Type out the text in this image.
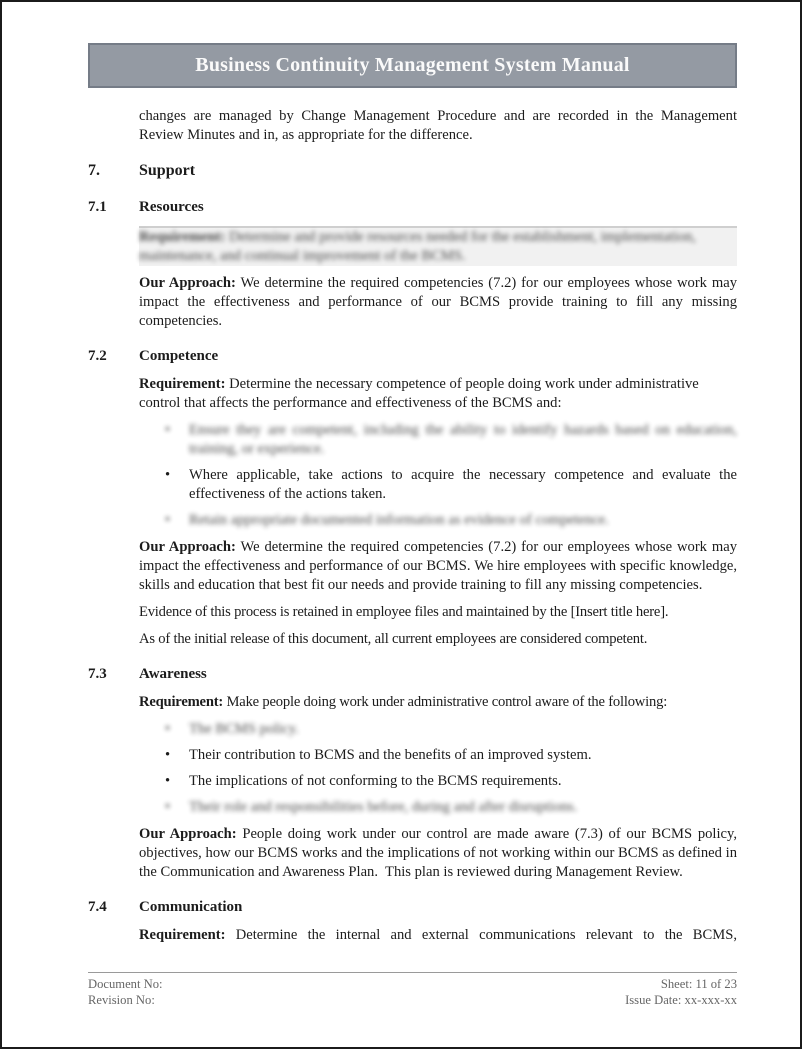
Business Continuity Management System Manual

changes are managed by Change Management Procedure and are recorded in the Management Review Minutes and in, as appropriate for the difference.

7.	Support
7.1	Resources

Requirement: Determine and provide resources needed for the establishment, implementation, maintenance, and continual improvement of the BCMS.

Our Approach: We determine the required competencies (7.2) for our employees whose work may impact the effectiveness and performance of our BCMS provide training to fill any missing competencies.

7.2	Competence

Requirement: Determine the necessary competence of people doing work under administrative control that affects the performance and effectiveness of the BCMS and:

• Ensure they are competent, including the ability to identify hazards based on education, training, or experience.
• Where applicable, take actions to acquire the necessary competence and evaluate the effectiveness of the actions taken.
• Retain appropriate documented information as evidence of competence.

Our Approach: We determine the required competencies (7.2) for our employees whose work may impact the effectiveness and performance of our BCMS. We hire employees with specific knowledge, skills and education that best fit our needs and provide training to fill any missing competencies.

Evidence of this process is retained in employee files and maintained by the [Insert title here].

As of the initial release of this document, all current employees are considered competent.

7.3	Awareness

Requirement: Make people doing work under administrative control aware of the following:

• The BCMS policy.
• Their contribution to BCMS and the benefits of an improved system.
• The implications of not conforming to the BCMS requirements.
• Their role and responsibilities before, during and after disruptions.

Our Approach: People doing work under our control are made aware (7.3) of our BCMS policy, objectives, how our BCMS works and the implications of not working within our BCMS as defined in the Communication and Awareness Plan.  This plan is reviewed during Management Review.

7.4	Communication

Requirement: Determine the internal and external communications relevant to the BCMS,

Document No:
Revision No:
Sheet: 11 of 23
Issue Date: xx-xxx-xx
